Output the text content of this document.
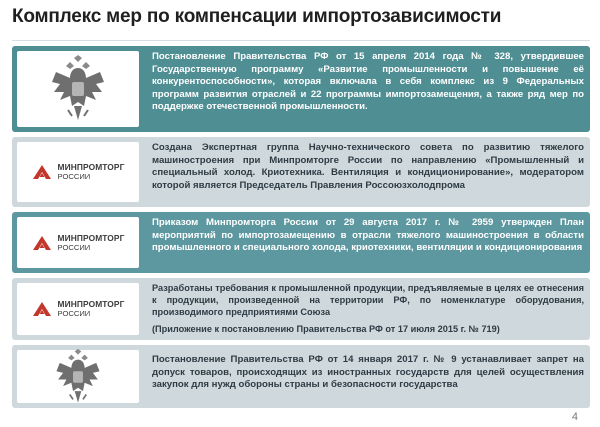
Комплекс мер по компенсации импортозависимости

Постановление Правительства РФ от 15 апреля 2014 года № 328, утвердившее Государственную программу «Развитие промышленности и повышение её конкурентоспособности», которая включала в себя комплекс из 9 Федеральных программ развития отраслей и 22 программы импортозамещения, а также ряд мер по поддержке отечественной промышленности.

МИНПРОМТОРГ
РОССИИ

Создана Экспертная группа Научно-технического совета по развитию тяжелого машиностроения при Минпромторге России по направлению «Промышленный и специальный холод. Криотехника. Вентиляция и кондиционирование», модератором которой является Председатель Правления Россоюзхолодпрома

МИНПРОМТОРГ
РОССИИ

Приказом Минпромторга России от 29 августа 2017 г. № 2959 утвержден План мероприятий по импортозамещению в отрасли тяжелого машиностроения в области промышленного и специального холода, криотехники, вентиляции и кондиционирования

МИНПРОМТОРГ
РОССИИ

Разработаны требования к промышленной продукции, предъявляемые в целях ее отнесения к продукции, произведенной на территории РФ, по номенклатуре оборудования, производимого предприятиями Союза

(Приложение к постановлению Правительства РФ от 17 июля 2015 г. № 719)

Постановление Правительства РФ от 14 января 2017 г. № 9 устанавливает запрет на допуск товаров, происходящих из иностранных государств для целей осуществления закупок для нужд обороны страны и безопасности государства

4
